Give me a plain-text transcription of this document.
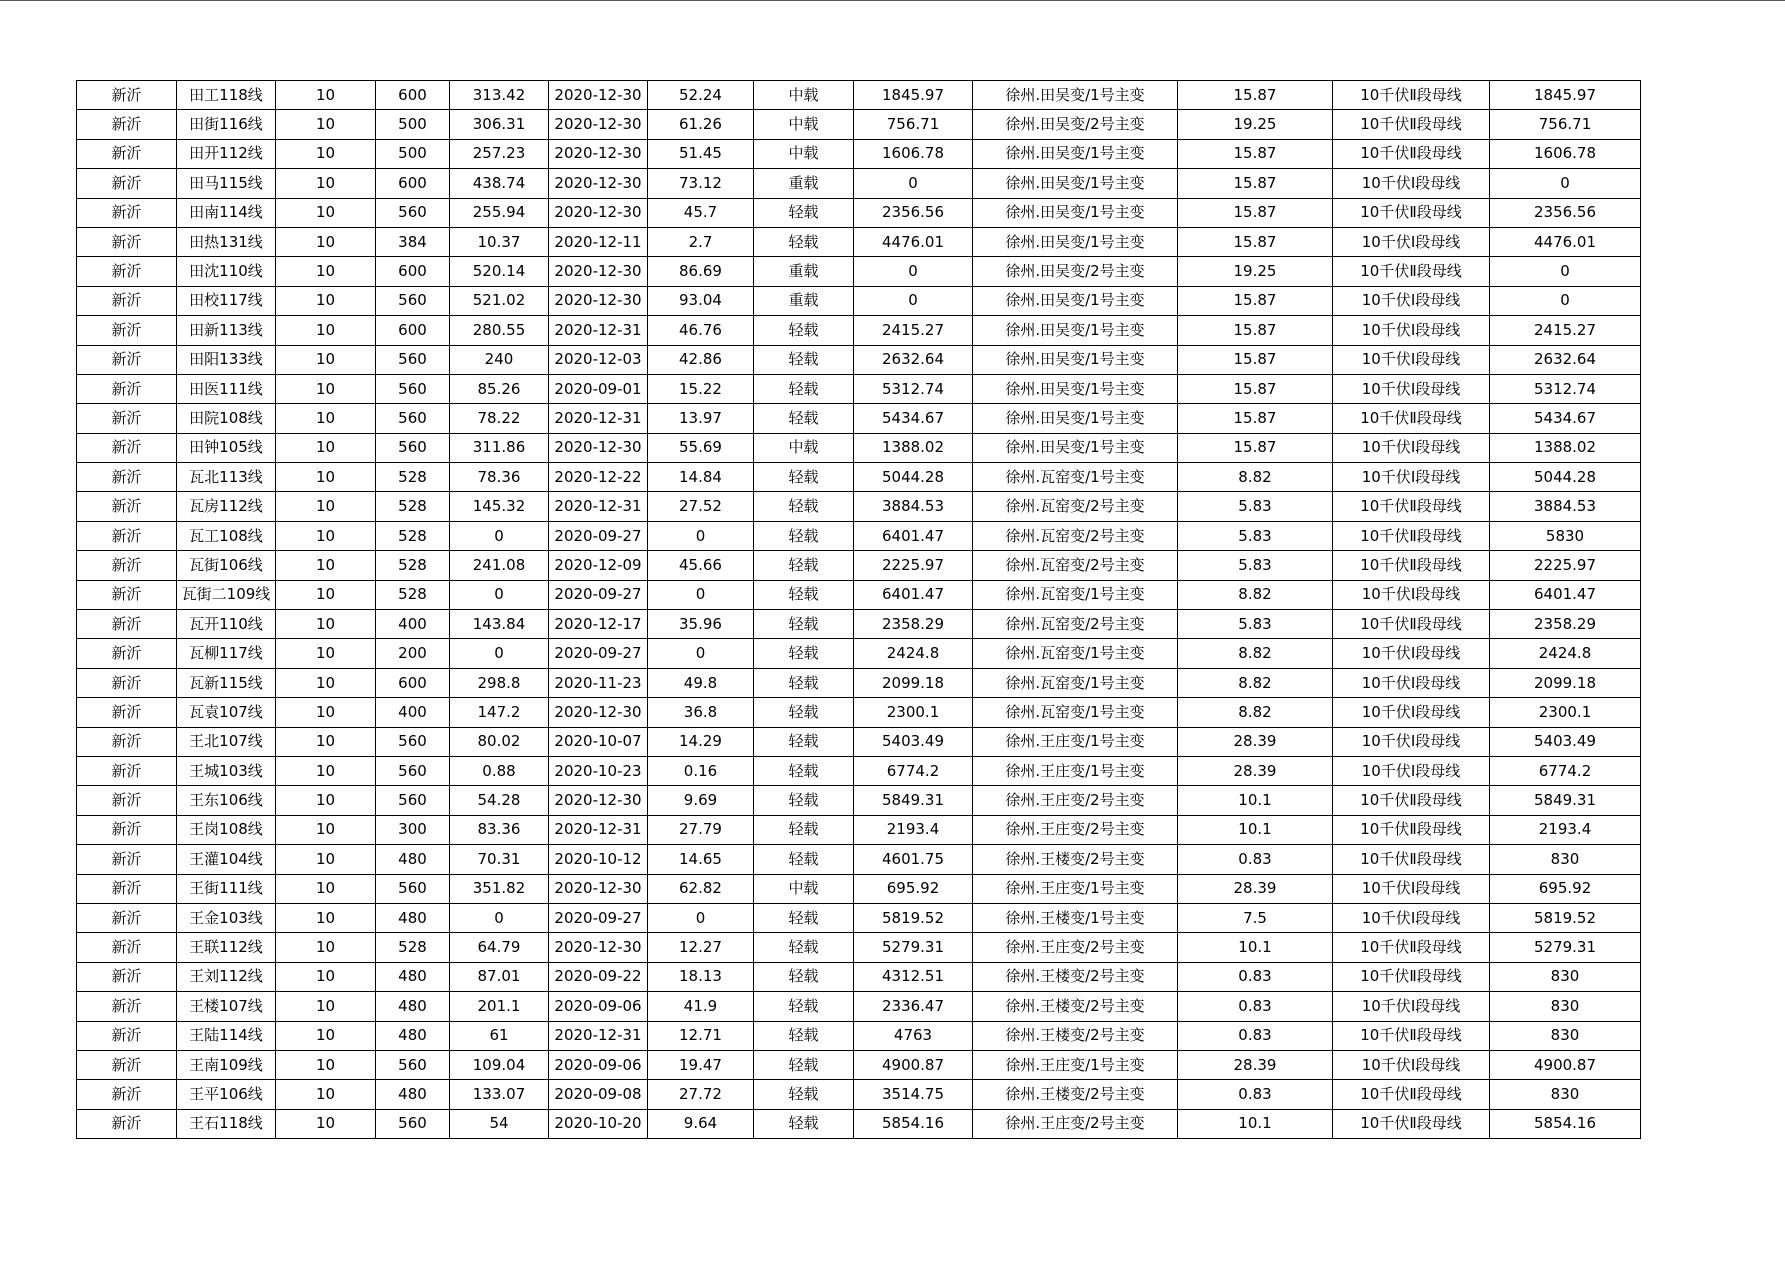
新沂	田工118线	10	600	313.42	2020-12-30	52.24	中载	1845.97	徐州.田吴变/1号主变	15.87	10千伏Ⅱ段母线	1845.97
新沂	田街116线	10	500	306.31	2020-12-30	61.26	中载	756.71	徐州.田吴变/2号主变	19.25	10千伏Ⅱ段母线	756.71
新沂	田开112线	10	500	257.23	2020-12-30	51.45	中载	1606.78	徐州.田吴变/1号主变	15.87	10千伏Ⅱ段母线	1606.78
新沂	田马115线	10	600	438.74	2020-12-30	73.12	重载	0	徐州.田吴变/1号主变	15.87	10千伏Ⅰ段母线	0
新沂	田南114线	10	560	255.94	2020-12-30	45.7	轻载	2356.56	徐州.田吴变/1号主变	15.87	10千伏Ⅱ段母线	2356.56
新沂	田热131线	10	384	10.37	2020-12-11	2.7	轻载	4476.01	徐州.田吴变/1号主变	15.87	10千伏Ⅰ段母线	4476.01
新沂	田沈110线	10	600	520.14	2020-12-30	86.69	重载	0	徐州.田吴变/2号主变	19.25	10千伏Ⅱ段母线	0
新沂	田校117线	10	560	521.02	2020-12-30	93.04	重载	0	徐州.田吴变/1号主变	15.87	10千伏Ⅰ段母线	0
新沂	田新113线	10	600	280.55	2020-12-31	46.76	轻载	2415.27	徐州.田吴变/1号主变	15.87	10千伏Ⅰ段母线	2415.27
新沂	田阳133线	10	560	240	2020-12-03	42.86	轻载	2632.64	徐州.田吴变/1号主变	15.87	10千伏Ⅰ段母线	2632.64
新沂	田医111线	10	560	85.26	2020-09-01	15.22	轻载	5312.74	徐州.田吴变/1号主变	15.87	10千伏Ⅰ段母线	5312.74
新沂	田院108线	10	560	78.22	2020-12-31	13.97	轻载	5434.67	徐州.田吴变/1号主变	15.87	10千伏Ⅱ段母线	5434.67
新沂	田钟105线	10	560	311.86	2020-12-30	55.69	中载	1388.02	徐州.田吴变/1号主变	15.87	10千伏Ⅰ段母线	1388.02
新沂	瓦北113线	10	528	78.36	2020-12-22	14.84	轻载	5044.28	徐州.瓦窑变/1号主变	8.82	10千伏Ⅰ段母线	5044.28
新沂	瓦房112线	10	528	145.32	2020-12-31	27.52	轻载	3884.53	徐州.瓦窑变/2号主变	5.83	10千伏Ⅱ段母线	3884.53
新沂	瓦工108线	10	528	0	2020-09-27	0	轻载	6401.47	徐州.瓦窑变/2号主变	5.83	10千伏Ⅱ段母线	5830
新沂	瓦街106线	10	528	241.08	2020-12-09	45.66	轻载	2225.97	徐州.瓦窑变/2号主变	5.83	10千伏Ⅱ段母线	2225.97
新沂	瓦街二109线	10	528	0	2020-09-27	0	轻载	6401.47	徐州.瓦窑变/1号主变	8.82	10千伏Ⅰ段母线	6401.47
新沂	瓦开110线	10	400	143.84	2020-12-17	35.96	轻载	2358.29	徐州.瓦窑变/2号主变	5.83	10千伏Ⅱ段母线	2358.29
新沂	瓦柳117线	10	200	0	2020-09-27	0	轻载	2424.8	徐州.瓦窑变/1号主变	8.82	10千伏Ⅰ段母线	2424.8
新沂	瓦新115线	10	600	298.8	2020-11-23	49.8	轻载	2099.18	徐州.瓦窑变/1号主变	8.82	10千伏Ⅰ段母线	2099.18
新沂	瓦袁107线	10	400	147.2	2020-12-30	36.8	轻载	2300.1	徐州.瓦窑变/1号主变	8.82	10千伏Ⅰ段母线	2300.1
新沂	王北107线	10	560	80.02	2020-10-07	14.29	轻载	5403.49	徐州.王庄变/1号主变	28.39	10千伏Ⅰ段母线	5403.49
新沂	王城103线	10	560	0.88	2020-10-23	0.16	轻载	6774.2	徐州.王庄变/1号主变	28.39	10千伏Ⅰ段母线	6774.2
新沂	王东106线	10	560	54.28	2020-12-30	9.69	轻载	5849.31	徐州.王庄变/2号主变	10.1	10千伏Ⅱ段母线	5849.31
新沂	王岗108线	10	300	83.36	2020-12-31	27.79	轻载	2193.4	徐州.王庄变/2号主变	10.1	10千伏Ⅱ段母线	2193.4
新沂	王灌104线	10	480	70.31	2020-10-12	14.65	轻载	4601.75	徐州.王楼变/2号主变	0.83	10千伏Ⅱ段母线	830
新沂	王街111线	10	560	351.82	2020-12-30	62.82	中载	695.92	徐州.王庄变/1号主变	28.39	10千伏Ⅰ段母线	695.92
新沂	王金103线	10	480	0	2020-09-27	0	轻载	5819.52	徐州.王楼变/1号主变	7.5	10千伏Ⅰ段母线	5819.52
新沂	王联112线	10	528	64.79	2020-12-30	12.27	轻载	5279.31	徐州.王庄变/2号主变	10.1	10千伏Ⅱ段母线	5279.31
新沂	王刘112线	10	480	87.01	2020-09-22	18.13	轻载	4312.51	徐州.王楼变/2号主变	0.83	10千伏Ⅱ段母线	830
新沂	王楼107线	10	480	201.1	2020-09-06	41.9	轻载	2336.47	徐州.王楼变/2号主变	0.83	10千伏Ⅰ段母线	830
新沂	王陆114线	10	480	61	2020-12-31	12.71	轻载	4763	徐州.王楼变/2号主变	0.83	10千伏Ⅱ段母线	830
新沂	王南109线	10	560	109.04	2020-09-06	19.47	轻载	4900.87	徐州.王庄变/1号主变	28.39	10千伏Ⅰ段母线	4900.87
新沂	王平106线	10	480	133.07	2020-09-08	27.72	轻载	3514.75	徐州.王楼变/2号主变	0.83	10千伏Ⅱ段母线	830
新沂	王石118线	10	560	54	2020-10-20	9.64	轻载	5854.16	徐州.王庄变/2号主变	10.1	10千伏Ⅱ段母线	5854.16
